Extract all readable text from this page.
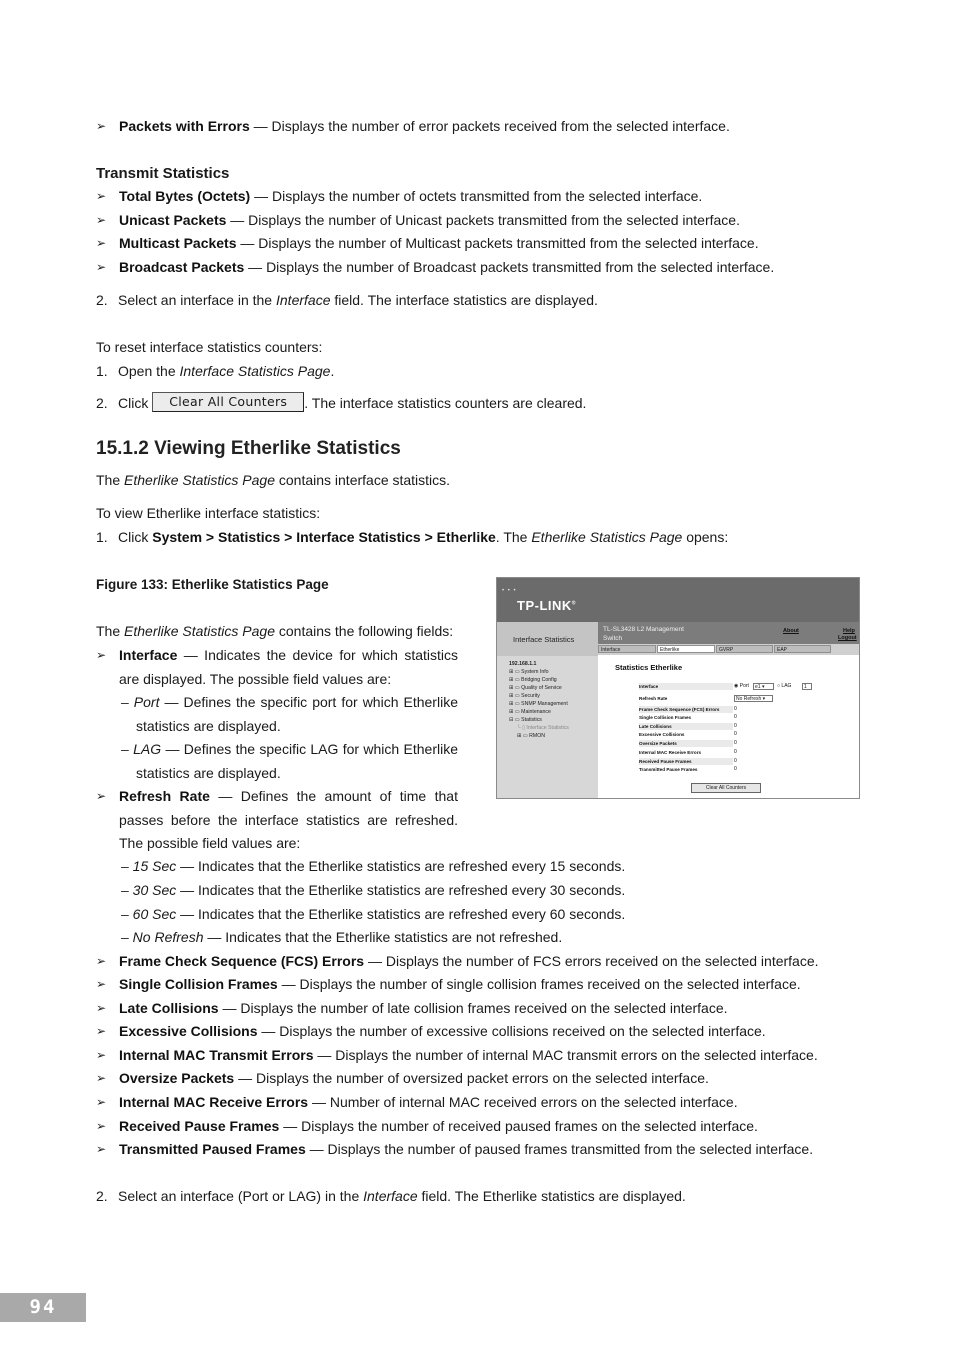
➢ Packets with Errors — Displays the number of error packets received from the selected interface.
Transmit Statistics
➢ Total Bytes (Octets) — Displays the number of octets transmitted from the selected interface.
➢ Unicast Packets — Displays the number of Unicast packets transmitted from the selected interface.
➢ Multicast Packets — Displays the number of Multicast packets transmitted from the selected interface.
➢ Broadcast Packets — Displays the number of Broadcast packets transmitted from the selected interface.
2. Select an interface in the Interface field. The interface statistics are displayed.
To reset interface statistics counters:
1. Open the Interface Statistics Page.
2. Click Clear All Counters . The interface statistics counters are cleared.
15.1.2 Viewing Etherlike Statistics
The Etherlike Statistics Page contains interface statistics.
To view Etherlike interface statistics:
1. Click System > Statistics > Interface Statistics > Etherlike. The Etherlike Statistics Page opens:
Figure 133: Etherlike Statistics Page
The Etherlike Statistics Page contains the following fields:
➢ Interface — Indicates the device for which statistics are displayed. The possible field values are:
– Port — Defines the specific port for which Etherlike statistics are displayed.
– LAG — Defines the specific LAG for which Etherlike statistics are displayed.
➢ Refresh Rate — Defines the amount of time that passes before the interface statistics are refreshed. The possible field values are:
– 15 Sec — Indicates that the Etherlike statistics are refreshed every 15 seconds.
– 30 Sec — Indicates that the Etherlike statistics are refreshed every 30 seconds.
– 60 Sec — Indicates that the Etherlike statistics are refreshed every 60 seconds.
– No Refresh — Indicates that the Etherlike statistics are not refreshed.
➢ Frame Check Sequence (FCS) Errors — Displays the number of FCS errors received on the selected interface.
➢ Single Collision Frames — Displays the number of single collision frames received on the selected interface.
➢ Late Collisions — Displays the number of late collision frames received on the selected interface.
➢ Excessive Collisions — Displays the number of excessive collisions received on the selected interface.
➢ Internal MAC Transmit Errors — Displays the number of internal MAC transmit errors on the selected interface.
➢ Oversize Packets — Displays the number of oversized packet errors on the selected interface.
➢ Internal MAC Receive Errors — Number of internal MAC received errors on the selected interface.
➢ Received Pause Frames — Displays the number of received paused frames on the selected interface.
➢ Transmitted Paused Frames — Displays the number of paused frames transmitted from the selected interface.
2. Select an interface (Port or LAG) in the Interface field. The Etherlike statistics are displayed.
94
• • •
TP-LINK®
Interface Statistics
TL-SL3428 L2 Management
Switch
About	Help
Logout
Interface	Etherlike	GVRP	EAP
192.168.1.1
⊞ ▭ System Info
⊞ ▭ Bridging Config
⊞ ▭ Quality of Service
⊞ ▭ Security
⊞ ▭ SNMP Management
⊞ ▭ Maintenance
⊟ ▭ Statistics
└ ▯ Interface Statistics
⊞ ▭ RMON
Statistics Etherlike
Interface	◉ Port	e1 ▾	○ LAG	1
Refresh Rate	No Refresh ▾
Frame Check Sequence (FCS) Errors	0
Single Collision Frames	0
Late Collisions	0
Excessive Collisions	0
Oversize Packets	0
Internal MAC Receive Errors	0
Received Pause Frames	0
Transmitted Pause Frames	0
Clear All Counters
